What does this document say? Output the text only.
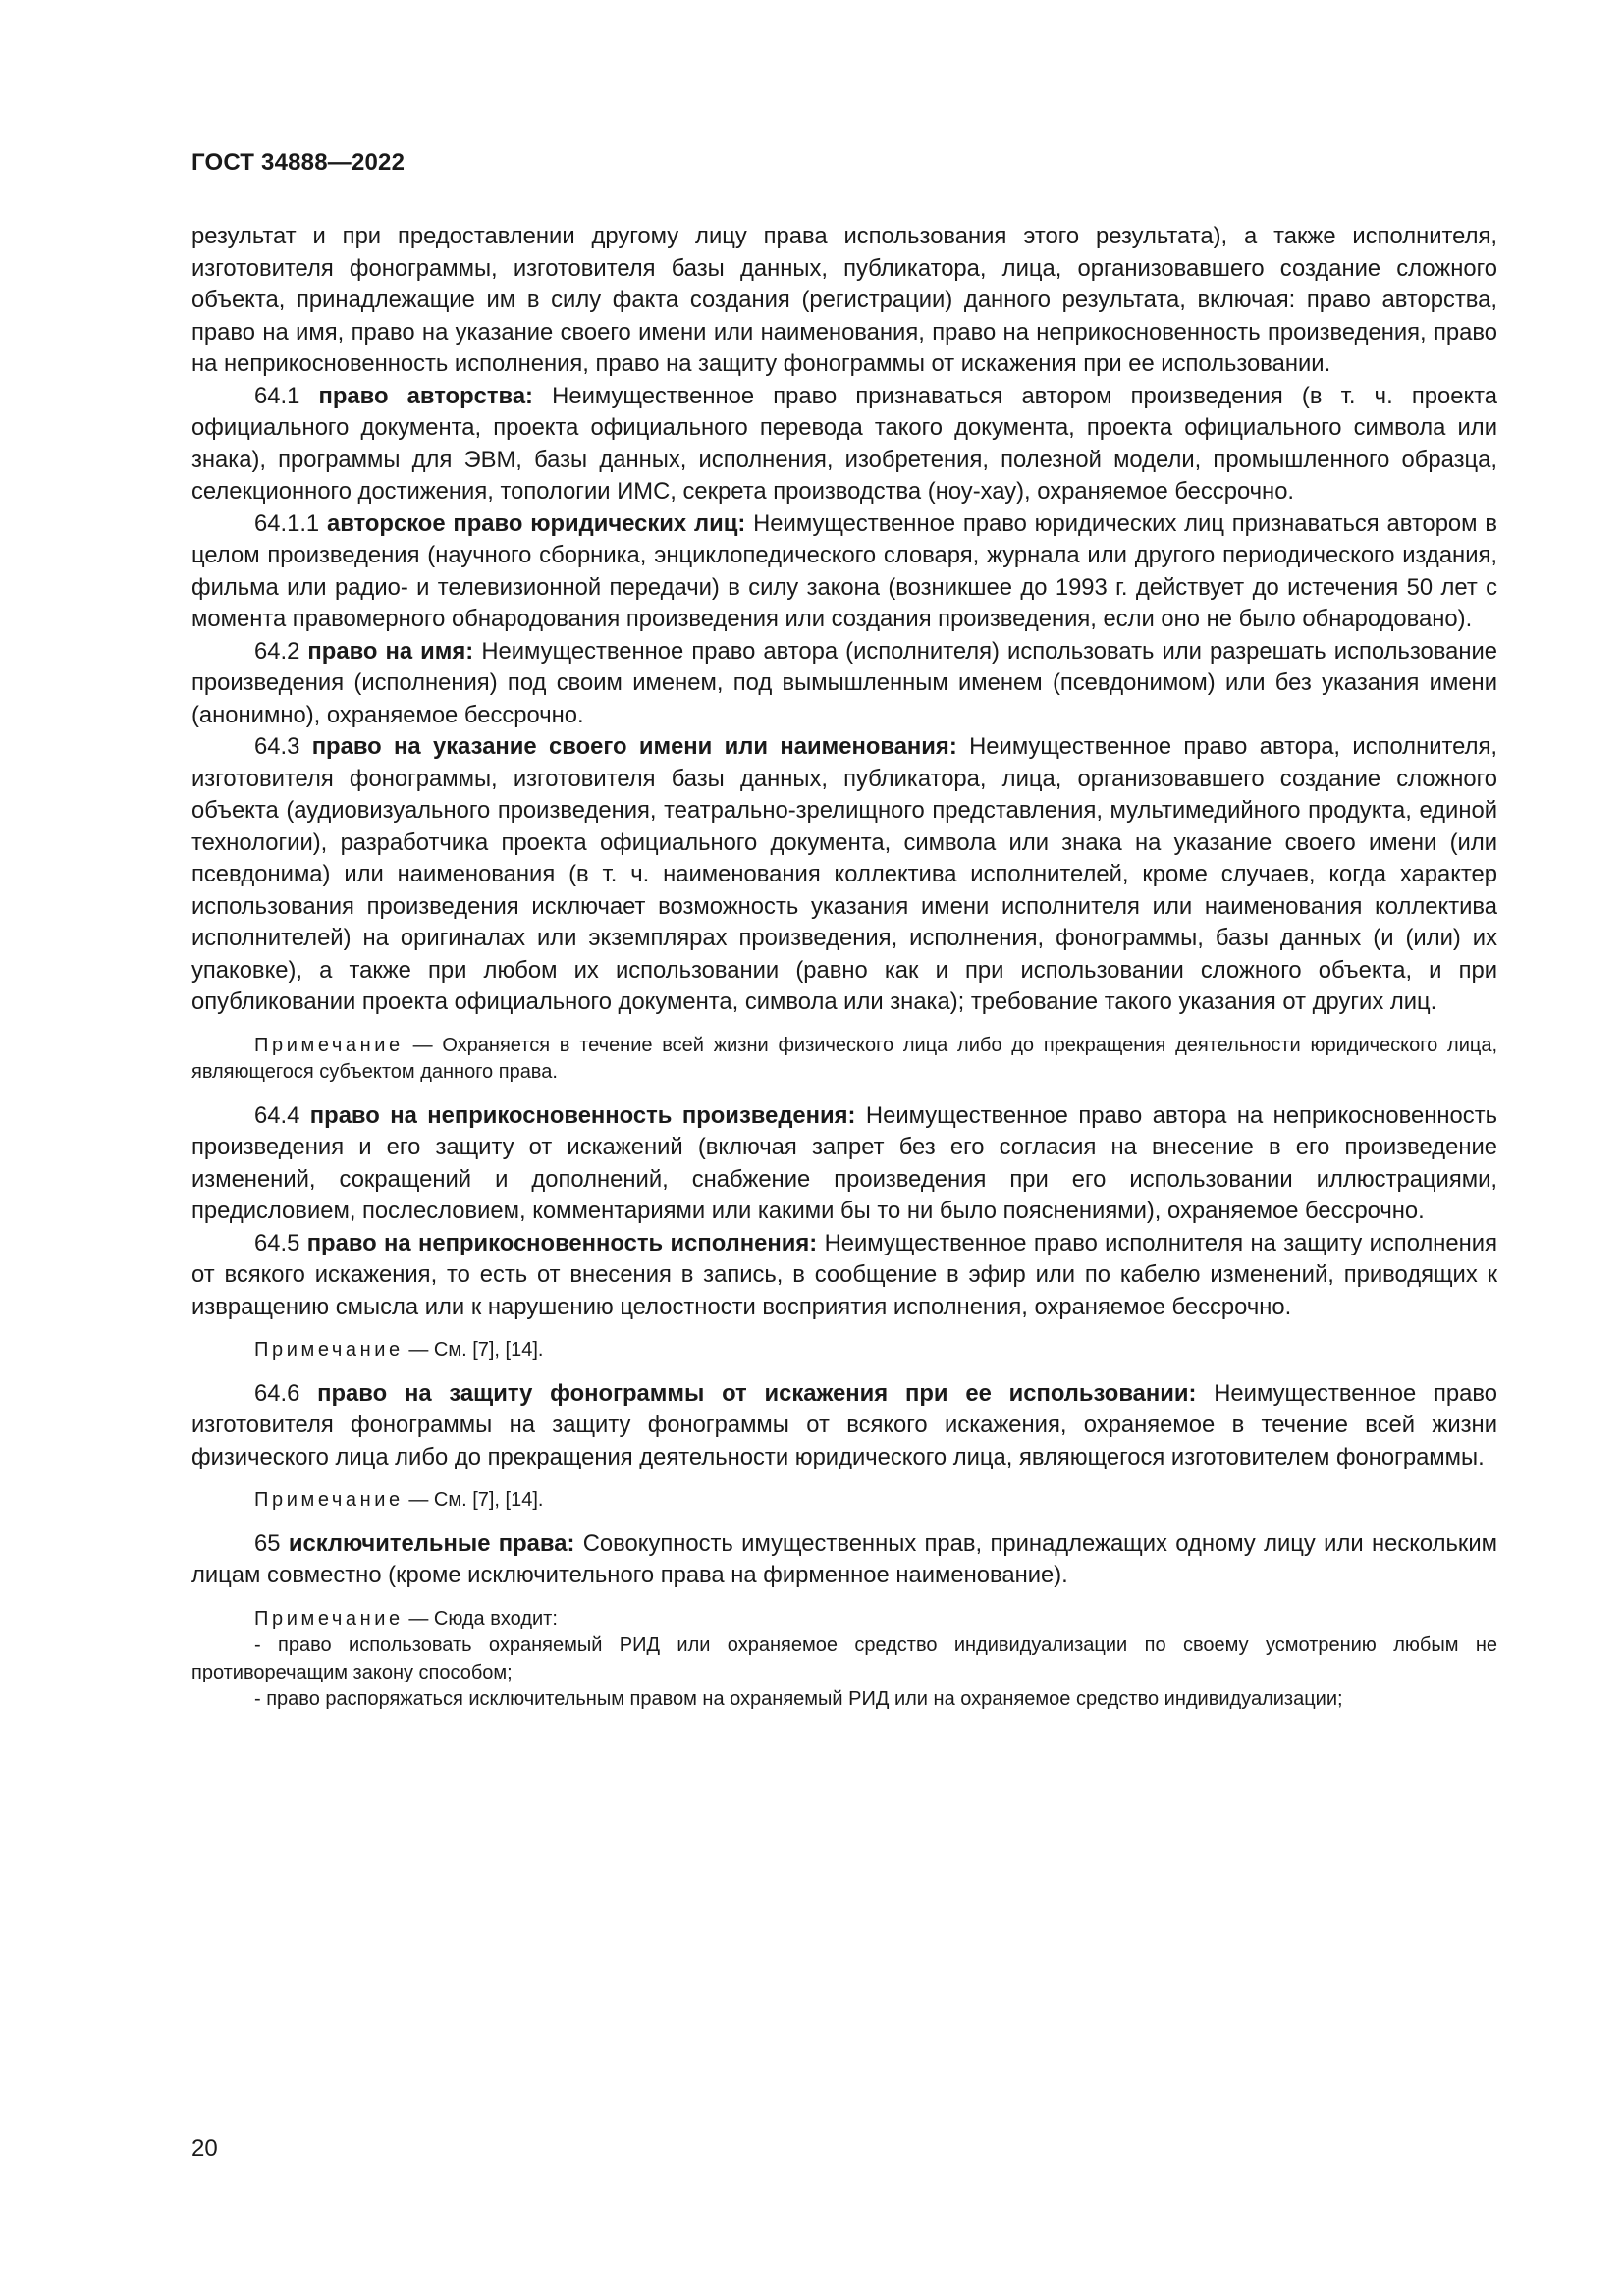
ГОСТ 34888—2022

результат и при предоставлении другому лицу права использования этого результата), а также исполнителя, изготовителя фонограммы, изготовителя базы данных, публикатора, лица, организовавшего создание сложного объекта, принадлежащие им в силу факта создания (регистрации) данного результата, включая: право авторства, право на имя, право на указание своего имени или наименования, право на неприкосновенность произведения, право на неприкосновенность исполнения, право на защиту фонограммы от искажения при ее использовании.

64.1 право авторства: Неимущественное право признаваться автором произведения (в т. ч. проекта официального документа, проекта официального перевода такого документа, проекта официального символа или знака), программы для ЭВМ, базы данных, исполнения, изобретения, полезной модели, промышленного образца, селекционного достижения, топологии ИМС, секрета производства (ноу-хау), охраняемое бессрочно.

64.1.1 авторское право юридических лиц: Неимущественное право юридических лиц признаваться автором в целом произведения (научного сборника, энциклопедического словаря, журнала или другого периодического издания, фильма или радио- и телевизионной передачи) в силу закона (возникшее до 1993 г. действует до истечения 50 лет с момента правомерного обнародования произведения или создания произведения, если оно не было обнародовано).

64.2 право на имя: Неимущественное право автора (исполнителя) использовать или разрешать использование произведения (исполнения) под своим именем, под вымышленным именем (псевдонимом) или без указания имени (анонимно), охраняемое бессрочно.

64.3 право на указание своего имени или наименования: Неимущественное право автора, исполнителя, изготовителя фонограммы, изготовителя базы данных, публикатора, лица, организовавшего создание сложного объекта (аудиовизуального произведения, театрально-зрелищного представления, мультимедийного продукта, единой технологии), разработчика проекта официального документа, символа или знака на указание своего имени (или псевдонима) или наименования (в т. ч. наименования коллектива исполнителей, кроме случаев, когда характер использования произведения исключает возможность указания имени исполнителя или наименования коллектива исполнителей) на оригиналах или экземплярах произведения, исполнения, фонограммы, базы данных (и (или) их упаковке), а также при любом их использовании (равно как и при использовании сложного объекта, и при опубликовании проекта официального документа, символа или знака); требование такого указания от других лиц.

Примечание — Охраняется в течение всей жизни физического лица либо до прекращения деятельности юридического лица, являющегося субъектом данного права.

64.4 право на неприкосновенность произведения: Неимущественное право автора на неприкосновенность произведения и его защиту от искажений (включая запрет без его согласия на внесение в его произведение изменений, сокращений и дополнений, снабжение произведения при его использовании иллюстрациями, предисловием, послесловием, комментариями или какими бы то ни было пояснениями), охраняемое бессрочно.

64.5 право на неприкосновенность исполнения: Неимущественное право исполнителя на защиту исполнения от всякого искажения, то есть от внесения в запись, в сообщение в эфир или по кабелю изменений, приводящих к извращению смысла или к нарушению целостности восприятия исполнения, охраняемое бессрочно.

Примечание — См. [7], [14].

64.6 право на защиту фонограммы от искажения при ее использовании: Неимущественное право изготовителя фонограммы на защиту фонограммы от всякого искажения, охраняемое в течение всей жизни физического лица либо до прекращения деятельности юридического лица, являющегося изготовителем фонограммы.

Примечание — См. [7], [14].

65 исключительные права: Совокупность имущественных прав, принадлежащих одному лицу или нескольким лицам совместно (кроме исключительного права на фирменное наименование).

Примечание — Сюда входит:

- право использовать охраняемый РИД или охраняемое средство индивидуализации по своему усмотрению любым не противоречащим закону способом;

- право распоряжаться исключительным правом на охраняемый РИД или на охраняемое средство индивидуализации;

20
